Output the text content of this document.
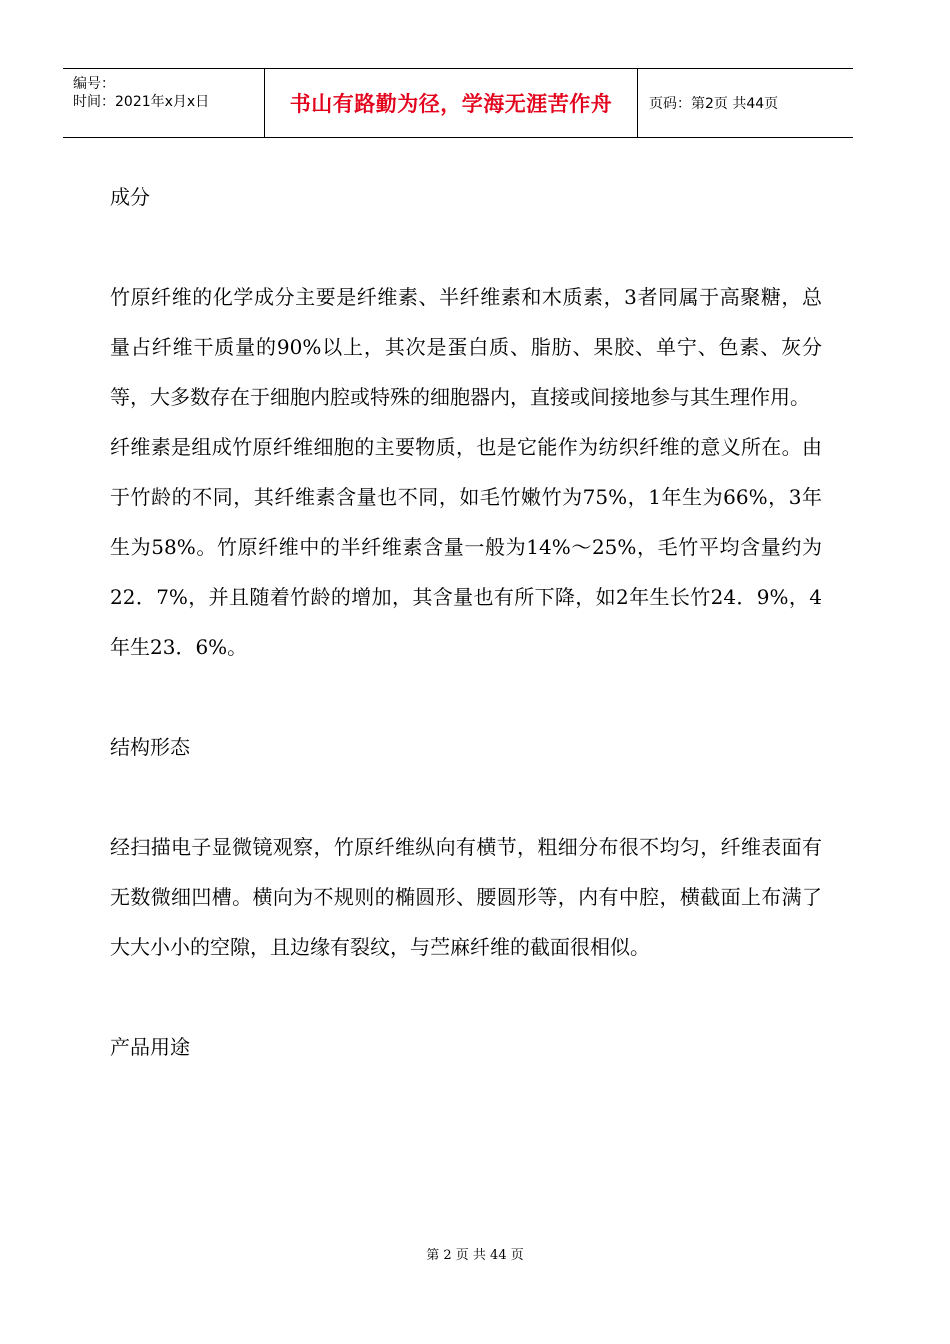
编号：
时间：2021年x月x日	书山有路勤为径，学海无涯苦作舟	页码：第2页 共44页
成分

竹原纤维的化学成分主要是纤维素、半纤维素和木质素，3者同属于高聚糖，总量占纤维干质量的90%以上，其次是蛋白质、脂肪、果胶、单宁、色素、灰分等，大多数存在于细胞内腔或特殊的细胞器内，直接或间接地参与其生理作用。

纤维素是组成竹原纤维细胞的主要物质，也是它能作为纺织纤维的意义所在。由于竹龄的不同，其纤维素含量也不同，如毛竹嫩竹为75%，1年生为66%，3年生为58%。竹原纤维中的半纤维素含量一般为14%～25%，毛竹平均含量约为22．7%，并且随着竹龄的增加，其含量也有所下降，如2年生长竹24．9%，4年生23．6%。

结构形态

经扫描电子显微镜观察，竹原纤维纵向有横节，粗细分布很不均匀，纤维表面有无数微细凹槽。横向为不规则的椭圆形、腰圆形等，内有中腔，横截面上布满了大大小小的空隙，且边缘有裂纹，与苎麻纤维的截面很相似。

产品用途
第 2 页 共 44 页
